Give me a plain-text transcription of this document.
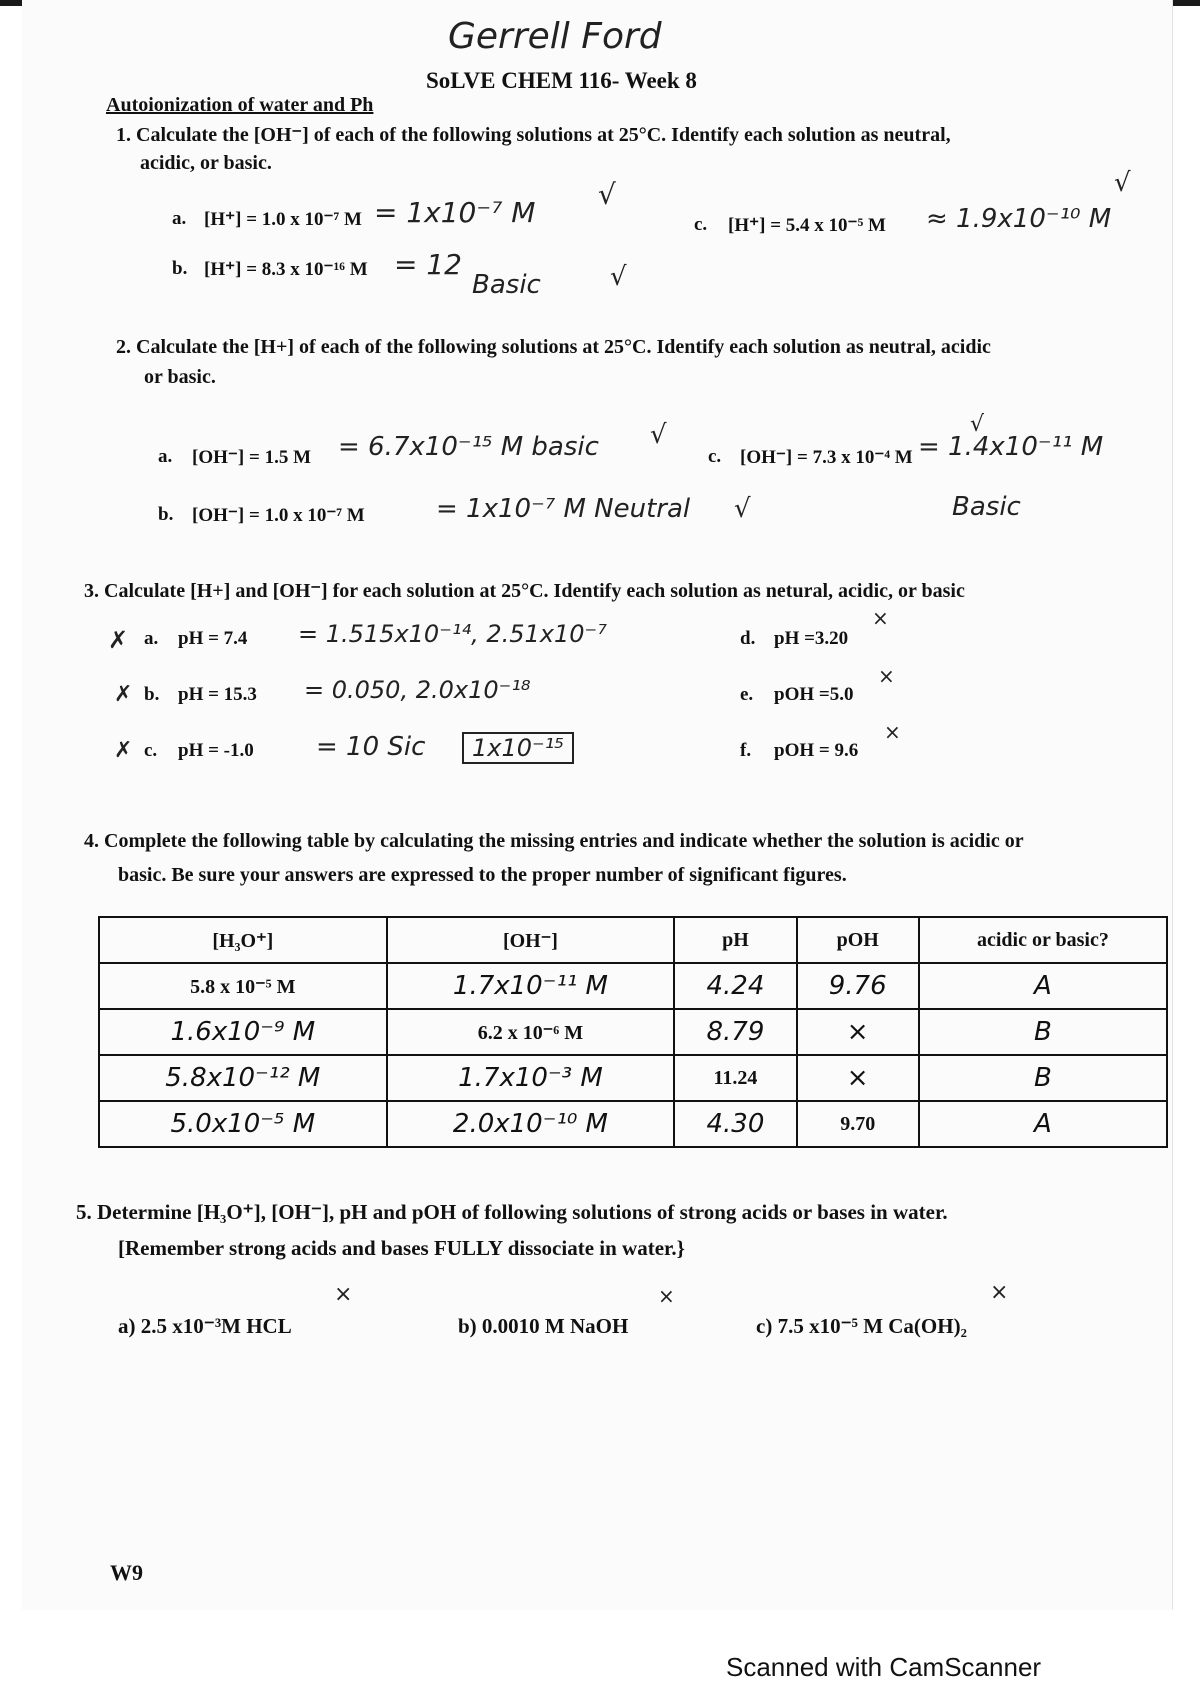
Gerrell Ford
SoLVE CHEM 116- Week 8
Autoionization of water and Ph
1. Calculate the [OH⁻] of each of the following solutions at 25°C. Identify each solution as neutral,
acidic, or basic.
a. [H⁺] = 1.0 x 10⁻⁷ M = 1x10⁻⁷ M
√
b. [H⁺] = 8.3 x 10⁻¹⁶ M = 12
Basic	√
c. [H⁺] = 5.4 x 10⁻⁵ M ≈ 1.9x10⁻¹⁰ M
√
2. Calculate the [H+] of each of the following solutions at 25°C. Identify each solution as neutral, acidic
or basic.
a. [OH⁻] = 1.5 M = 6.7x10⁻¹⁵ M basic √
b. [OH⁻] = 1.0 x 10⁻⁷ M	= 1x10⁻⁷ M Neutral √
c. [OH⁻] = 7.3 x 10⁻⁴ M = 1.4x10⁻¹¹ M
√
Basic
3. Calculate [H+] and [OH⁻] for each solution at 25°C. Identify each solution as netural, acidic, or basic
✗ a. pH = 7.4 = 1.515x10⁻¹⁴, 2.51x10⁻⁷
✗ b. pH = 15.3 = 0.050, 2.0x10⁻¹⁸
✗ c. pH = -1.0 = 10 Sic	1x10⁻¹⁵
d. pH =3.20
×
e. pOH =5.0
×
f. pOH = 9.6
×
4. Complete the following table by calculating the missing entries and indicate whether the solution is acidic or
basic. Be sure your answers are expressed to the proper number of significant figures.
[H₃O⁺]	[OH⁻]	pH	pOH	acidic or basic?
5.8 x 10⁻⁵ M	1.7x10⁻¹¹ M	4.24	9.76	A
1.6x10⁻⁹ M	6.2 x 10⁻⁶ M	8.79	×	B
5.8x10⁻¹² M	1.7x10⁻³ M	11.24	×	B
5.0x10⁻⁵ M	2.0x10⁻¹⁰ M	4.30	9.70	A
5. Determine [H₃O⁺], [OH⁻], pH and pOH of following solutions of strong acids or bases in water.
[Remember strong acids and bases FULLY dissociate in water.}
a) 2.5 x10⁻³M HCL
×
b) 0.0010 M NaOH
×
c) 7.5 x10⁻⁵ M Ca(OH)₂
×
W9
Scanned with CamScanner
